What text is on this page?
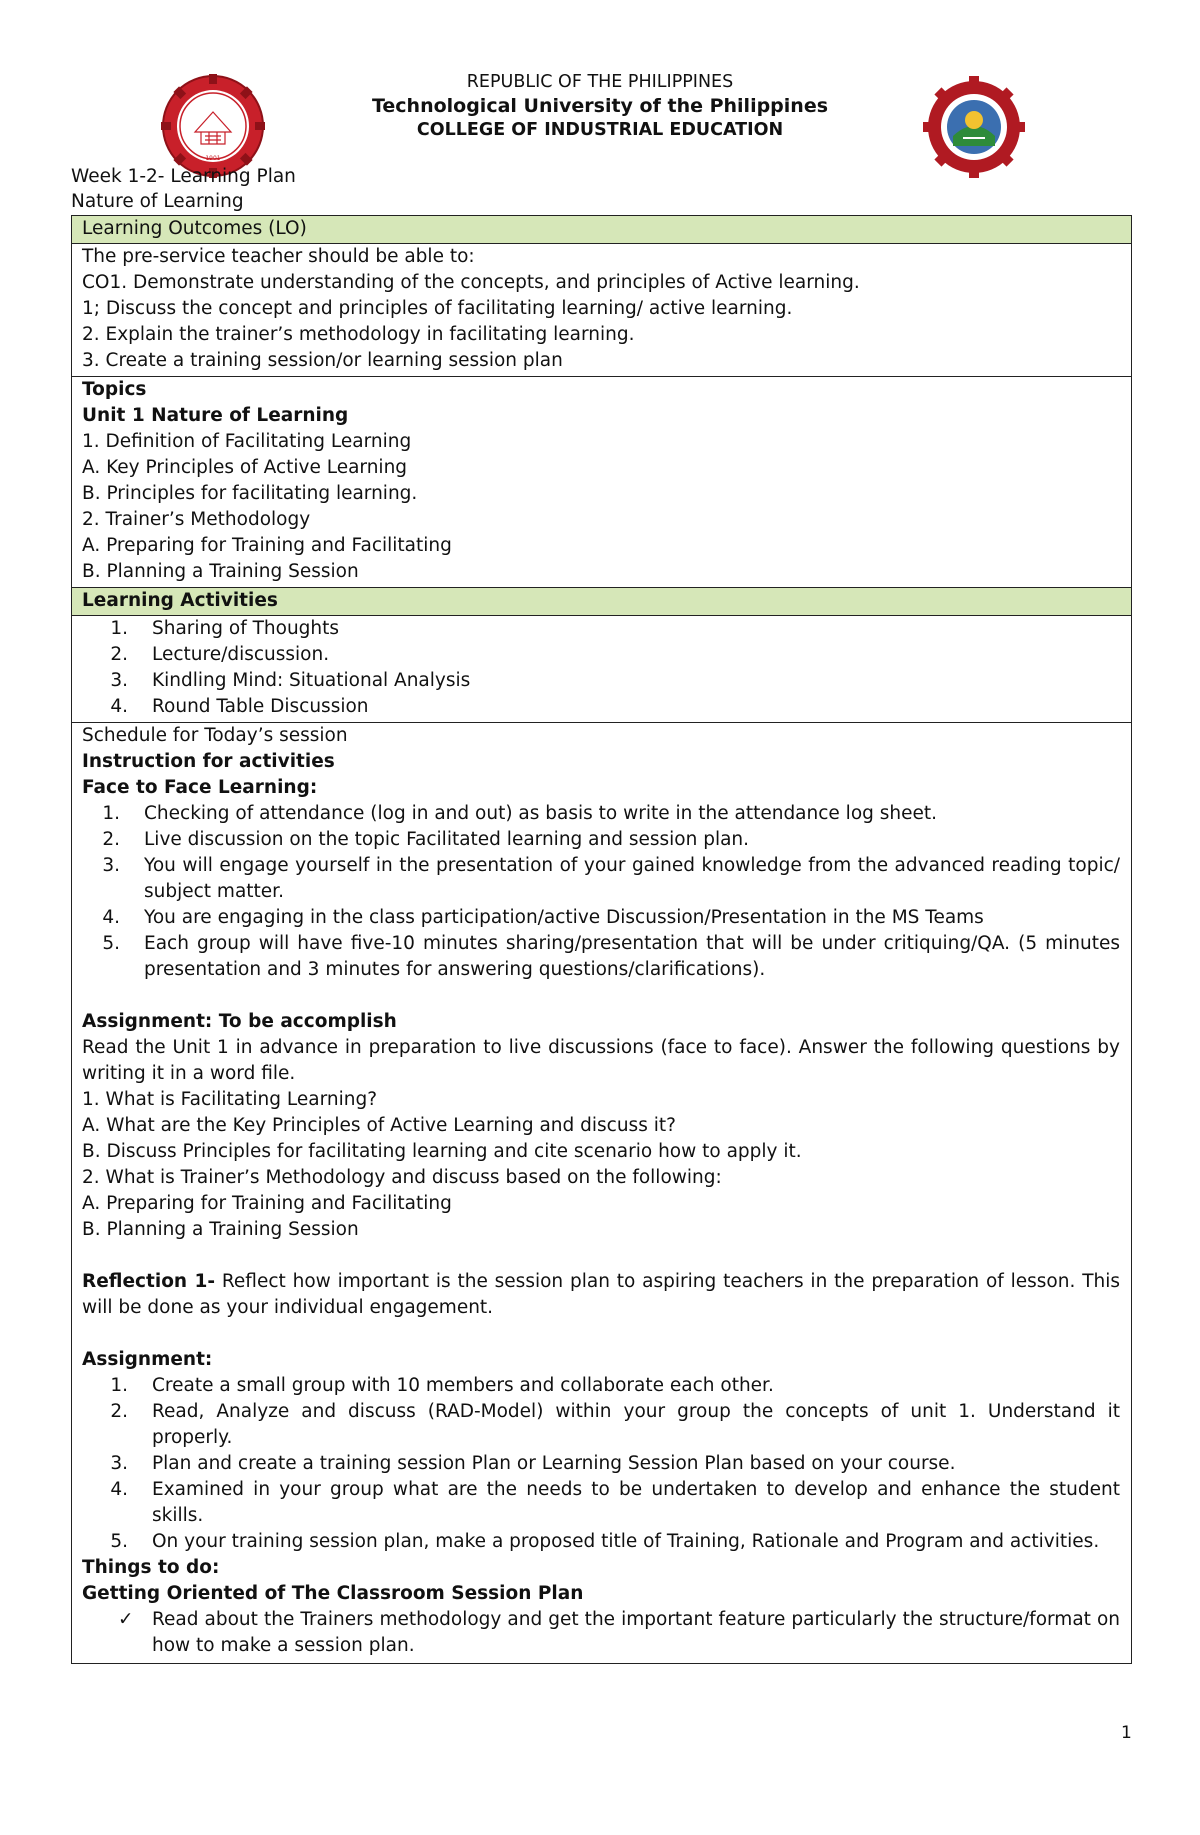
1901
REPUBLIC OF THE PHILIPPINES
Technological University of the Philippines
COLLEGE OF INDUSTRIAL EDUCATION
Week 1-2- Learning Plan
Nature of Learning
Learning Outcomes (LO)

The pre-service teacher should be able to:
CO1. Demonstrate understanding of the concepts, and principles of Active learning.
1; Discuss the concept and principles of facilitating learning/ active learning.
2. Explain the trainer’s methodology in facilitating learning.
3. Create a training session/or learning session plan

Topics
Unit 1 Nature of Learning
1. Definition of Facilitating Learning
A. Key Principles of Active Learning
B. Principles for facilitating learning.
2. Trainer’s Methodology
A. Preparing for Training and Facilitating
B. Planning a Training Session

Learning Activities

Sharing of Thoughts
Lecture/discussion.
Kindling Mind: Situational Analysis
Round Table Discussion

Schedule for Today’s session
Instruction for activities
Face to Face Learning:
Checking of attendance (log in and out) as basis to write in the attendance log sheet.
Live discussion on the topic Facilitated learning and session plan.
You will engage yourself in the presentation of your gained knowledge from the advanced reading topic/ subject matter.
You are engaging in the class participation/active Discussion/Presentation in the MS Teams
Each group will have five-10 minutes sharing/presentation that will be under critiquing/QA. (5 minutes presentation and 3 minutes for answering questions/clarifications).
Assignment: To be accomplish
Read the Unit 1 in advance in preparation to live discussions (face to face). Answer the following questions by writing it in a word file.
1. What is Facilitating Learning?
A. What are the Key Principles of Active Learning and discuss it?
B. Discuss Principles for facilitating learning and cite scenario how to apply it.
2. What is Trainer’s Methodology and discuss based on the following:
A. Preparing for Training and Facilitating
B. Planning a Training Session
Reflection 1- Reflect how important is the session plan to aspiring teachers in the preparation of lesson. This will be done as your individual engagement.
Assignment:
Create a small group with 10 members and collaborate each other.
Read, Analyze and discuss (RAD-Model) within your group the concepts of unit 1. Understand it properly.
Plan and create a training session Plan or Learning Session Plan based on your course.
Examined in your group what are the needs to be undertaken to develop and enhance the student skills.
On your training session plan, make a proposed title of Training, Rationale and Program and activities.
Things to do:
Getting Oriented of The Classroom Session Plan
✓ Read about the Trainers methodology and get the important feature particularly the structure/format on how to make a session plan.
1
